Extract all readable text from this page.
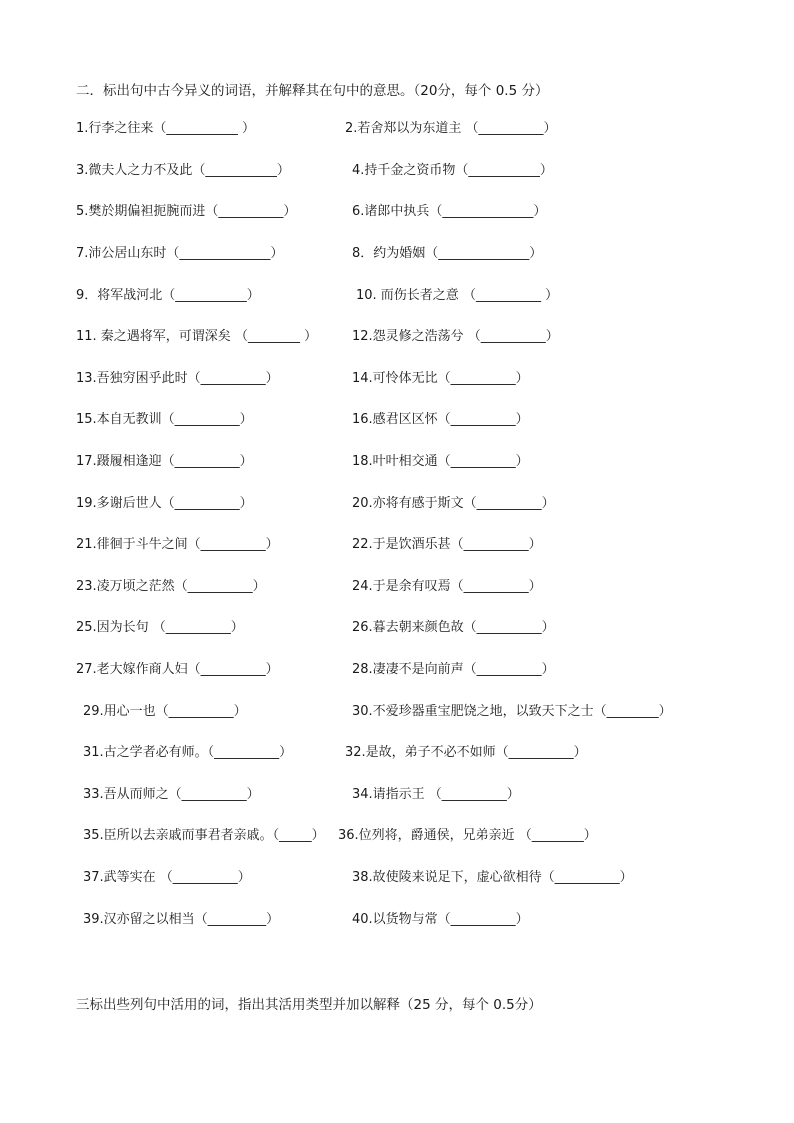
二．标出句中古今异义的词语，并解释其在句中的意思。（20分，每个 0.5 分）
1.行李之往来（___________ ）	2.若舍郑以为东道主 （__________）
3.微夫人之力不及此（___________）	4.持千金之资币物（___________）
5.樊於期偏袒扼腕而进（__________）	6.诸郎中执兵（______________）
7.沛公居山东时（______________）	8．约为婚姻（______________）
9．将军战河北（___________）	10. 而伤长者之意 （__________ ）
11. 秦之遇将军，可谓深矣 （________ ）	12.怨灵修之浩荡兮 （__________）
13.吾独穷困乎此时（__________）	14.可怜体无比（__________）
15.本自无教训（__________）	16.感君区区怀（__________）
17.蹑履相逢迎（__________）	18.叶叶相交通（__________）
19.多谢后世人（__________）	20.亦将有感于斯文（__________）
21.徘徊于斗牛之间（__________）	22.于是饮酒乐甚（__________）
23.凌万顷之茫然（__________）	24.于是余有叹焉（__________）
25.因为长句 （__________）	26.暮去朝来颜色故（__________）
27.老大嫁作商人妇（__________）	28.凄凄不是向前声（__________）
29.用心一也（__________）	30.不爱珍器重宝肥饶之地，以致天下之士（________）
31.古之学者必有师。（__________）	32.是故，弟子不必不如师（__________）
33.吾从而师之（__________）	34.请指示王 （__________）
35.臣所以去亲戚而事君者亲戚。（_____） 36.位列将，爵通侯，兄弟亲近 （________）
37.武等实在 （__________）	38.故使陵来说足下，虚心欲相待（__________）
39.汉亦留之以相当（_________）	40.以货物与常（__________）
三标出些列句中活用的词，指出其活用类型并加以解释（25 分，每个 0.5分）
